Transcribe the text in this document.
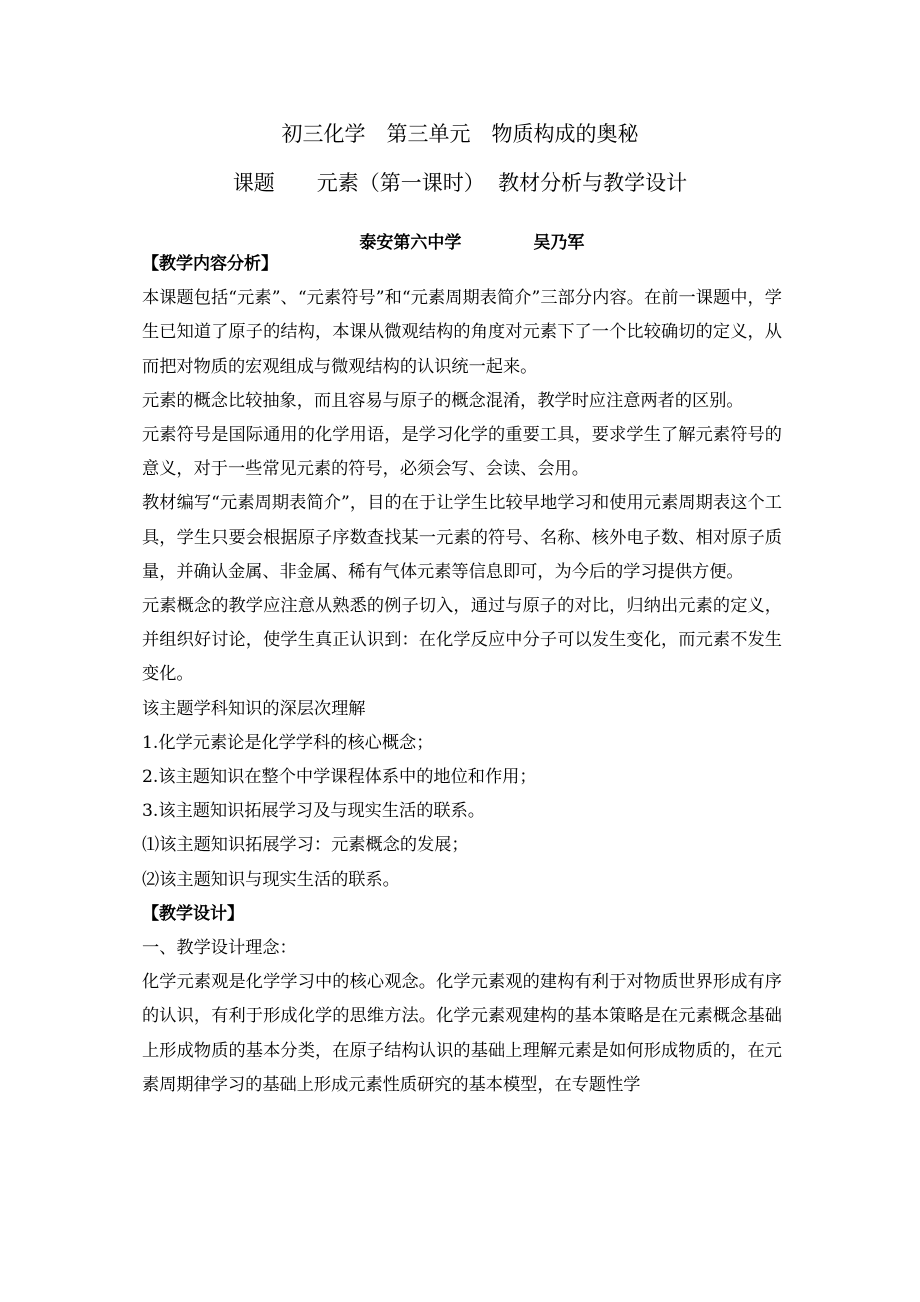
初三化学　第三单元　物质构成的奥秘
课题　　元素（第一课时）  教材分析与教学设计

泰安第六中学	吴乃军

【教学内容分析】

本课题包括“元素”、“元素符号”和“元素周期表简介”三部分内容。在前一课题中，学生已知道了原子的结构，本课从微观结构的角度对元素下了一个比较确切的定义，从而把对物质的宏观组成与微观结构的认识统一起来。

元素的概念比较抽象，而且容易与原子的概念混淆，教学时应注意两者的区别。

元素符号是国际通用的化学用语，是学习化学的重要工具，要求学生了解元素符号的意义，对于一些常见元素的符号，必须会写、会读、会用。

教材编写“元素周期表简介”，目的在于让学生比较早地学习和使用元素周期表这个工具，学生只要会根据原子序数查找某一元素的符号、名称、核外电子数、相对原子质量，并确认金属、非金属、稀有气体元素等信息即可，为今后的学习提供方便。

元素概念的教学应注意从熟悉的例子切入，通过与原子的对比，归纳出元素的定义，并组织好讨论，使学生真正认识到：在化学反应中分子可以发生变化，而元素不发生变化。

该主题学科知识的深层次理解

1.化学元素论是化学学科的核心概念；

2.该主题知识在整个中学课程体系中的地位和作用；

3.该主题知识拓展学习及与现实生活的联系。

⑴该主题知识拓展学习：元素概念的发展；

⑵该主题知识与现实生活的联系。

【教学设计】

一、教学设计理念：

化学元素观是化学学习中的核心观念。化学元素观的建构有利于对物质世界形成有序的认识，有利于形成化学的思维方法。化学元素观建构的基本策略是在元素概念基础上形成物质的基本分类，在原子结构认识的基础上理解元素是如何形成物质的，在元素周期律学习的基础上形成元素性质研究的基本模型，在专题性学
